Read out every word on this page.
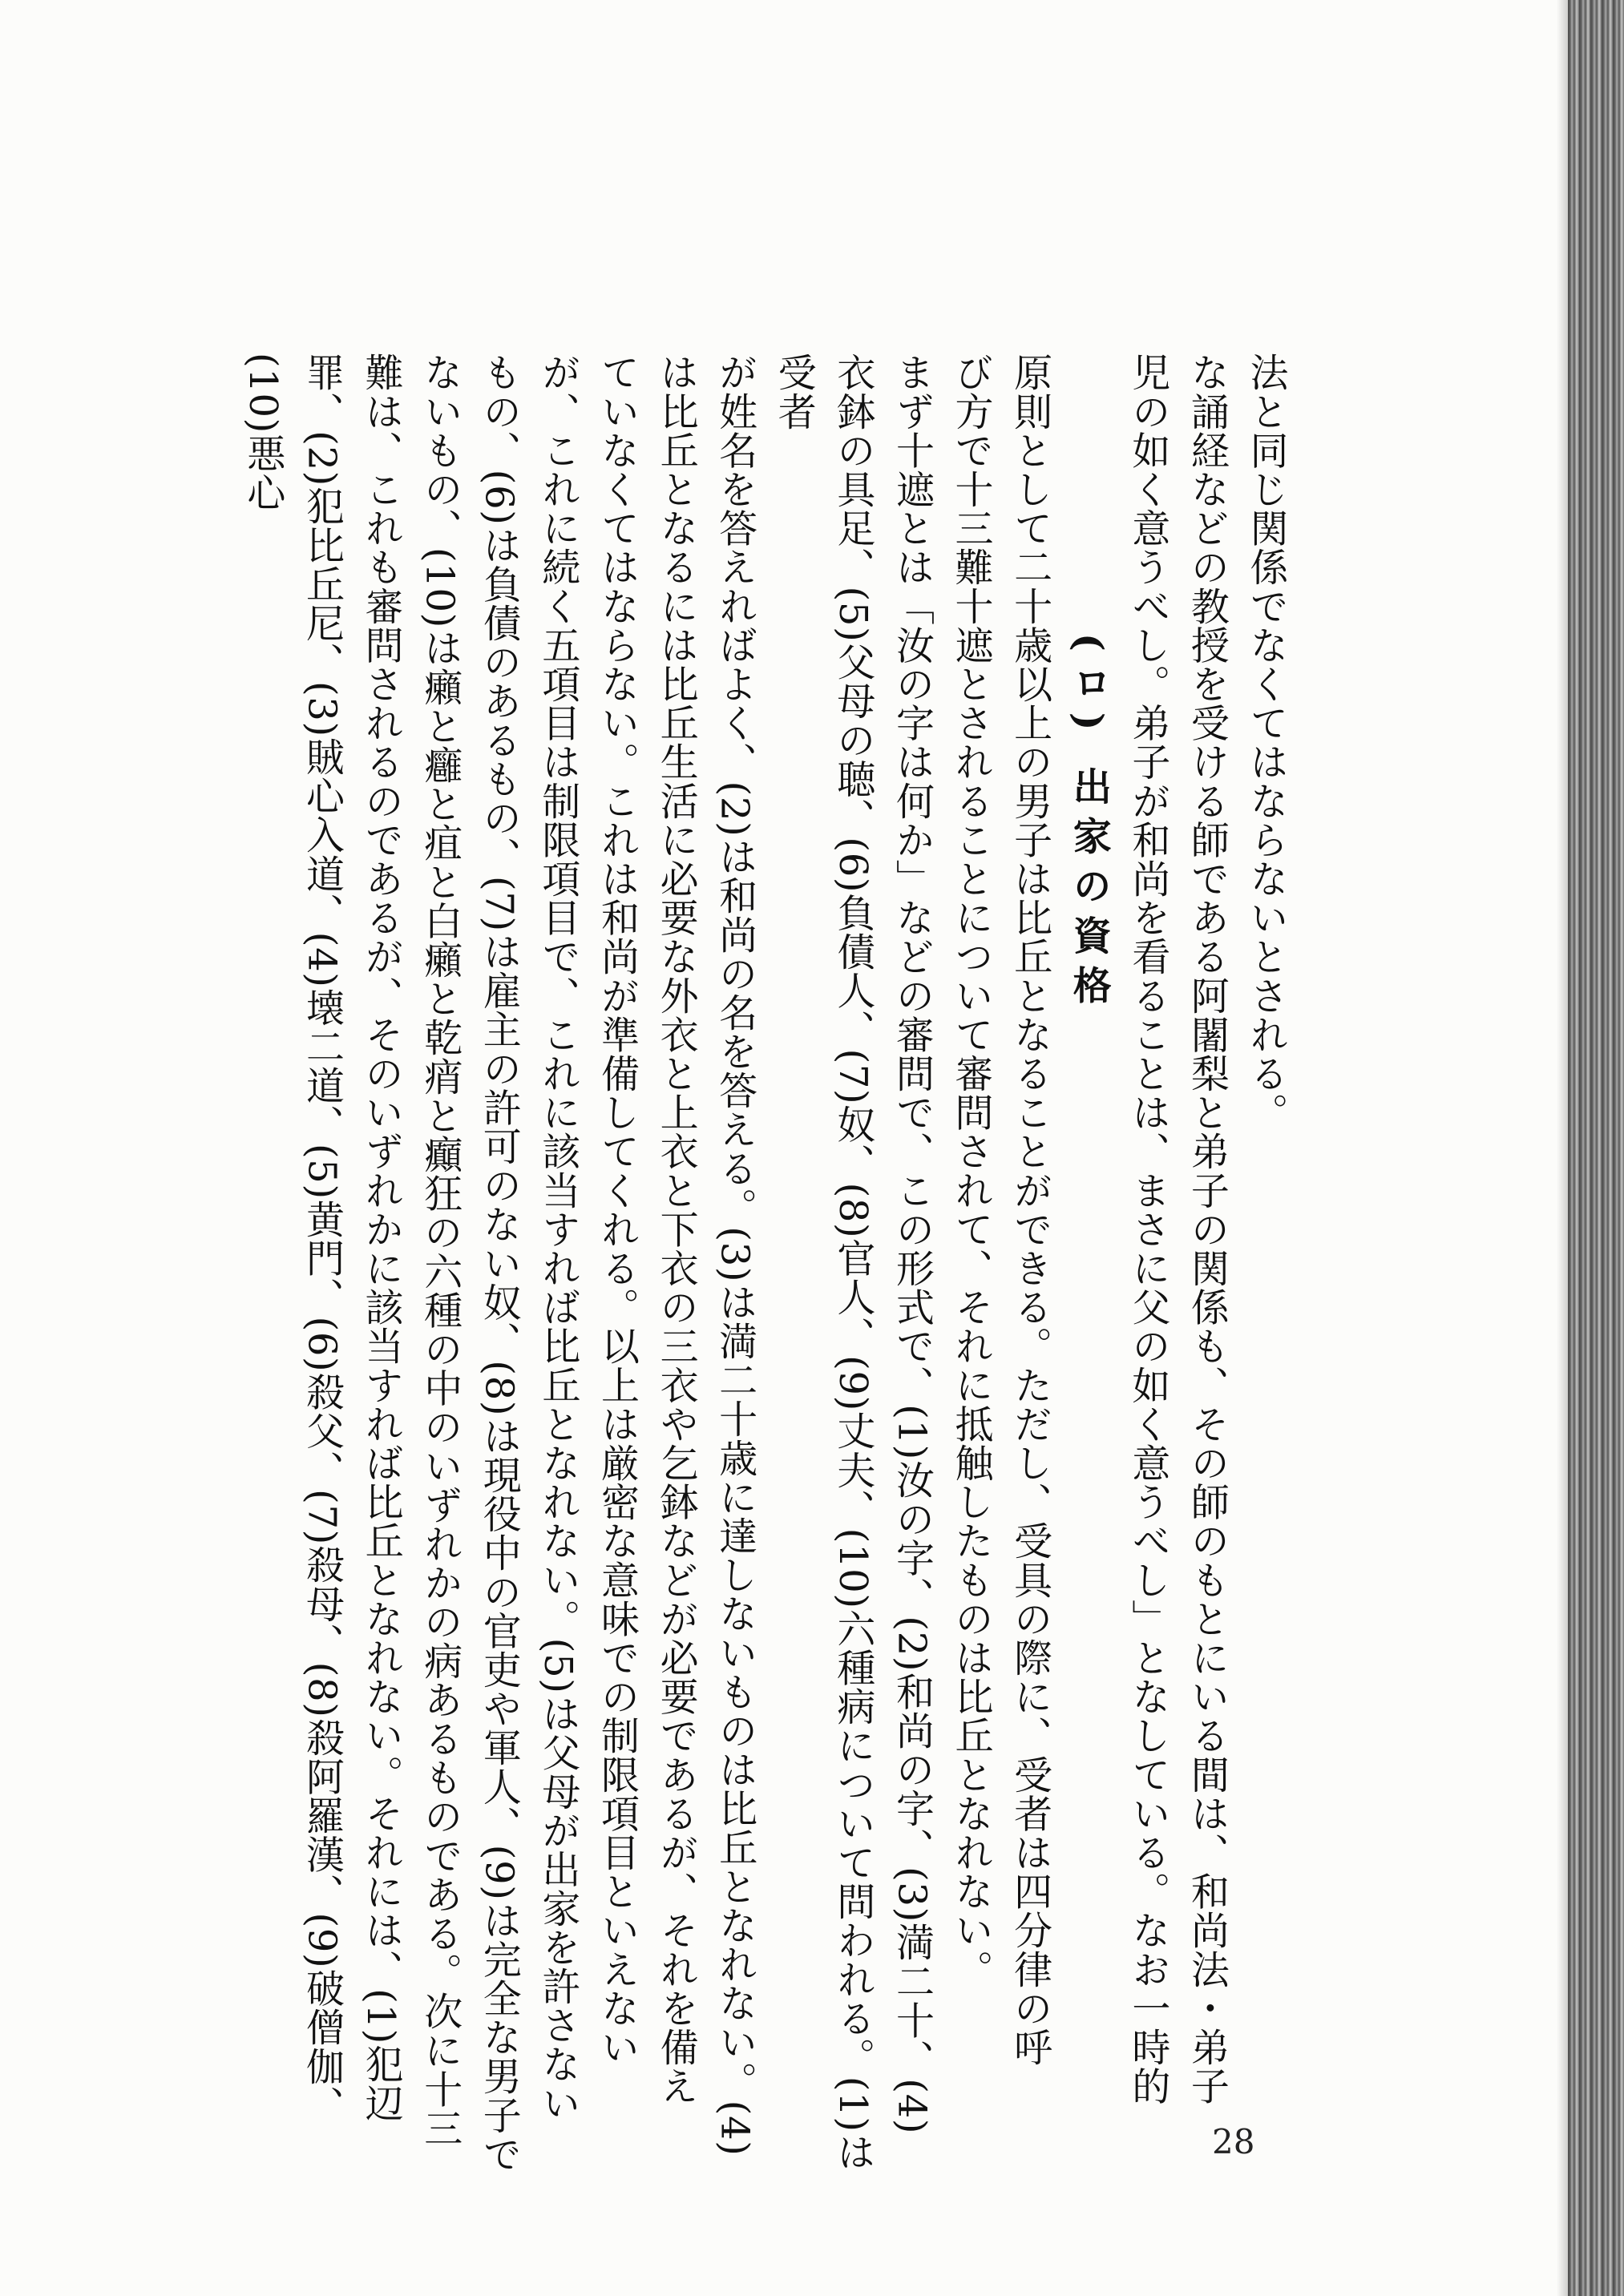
法と同じ関係でなくてはならないとされる。

な誦経などの教授を受ける師である阿闍梨と弟子の関係も、その師のもとにいる間は、和尚法・弟子

児の如く意うべし。弟子が和尚を看ることは、まさに父の如く意うべし」となしている。なお一時的

(ロ) 出家の資格

原則として二十歳以上の男子は比丘となることができる。ただし、受具の際に、受者は四分律の呼
び方で十三難十遮とされることについて審問されて、それに抵触したものは比丘となれない。

まず十遮とは「汝の字は何か」などの審問で、この形式で、(1)汝の字、(2)和尚の字、(3)満二十、(4)
衣鉢の具足、(5)父母の聴、(6)負債人、(7)奴、(8)官人、(9)丈夫、(10)六種病について問われる。(1)は受者
が姓名を答えればよく、(2)は和尚の名を答える。(3)は満二十歳に達しないものは比丘となれない。(4)
は比丘となるには比丘生活に必要な外衣と上衣と下衣の三衣や乞鉢などが必要であるが、それを備え
ていなくてはならない。これは和尚が準備してくれる。以上は厳密な意味での制限項目といえない
が、これに続く五項目は制限項目で、これに該当すれば比丘となれない。(5)は父母が出家を許さない
もの、(6)は負債のあるもの、(7)は雇主の許可のない奴、(8)は現役中の官吏や軍人、(9)は完全な男子で
ないもの、(10)は癩と癰と疽と白癩と乾痟と癲狂の六種の中のいずれかの病あるものである。次に十三
難は、これも審問されるのであるが、そのいずれかに該当すれば比丘となれない。それには、(1)犯辺
罪、(2)犯比丘尼、(3)賊心入道、(4)壊二道、(5)黄門、(6)殺父、(7)殺母、(8)殺阿羅漢、(9)破僧伽、(10)悪心

28
